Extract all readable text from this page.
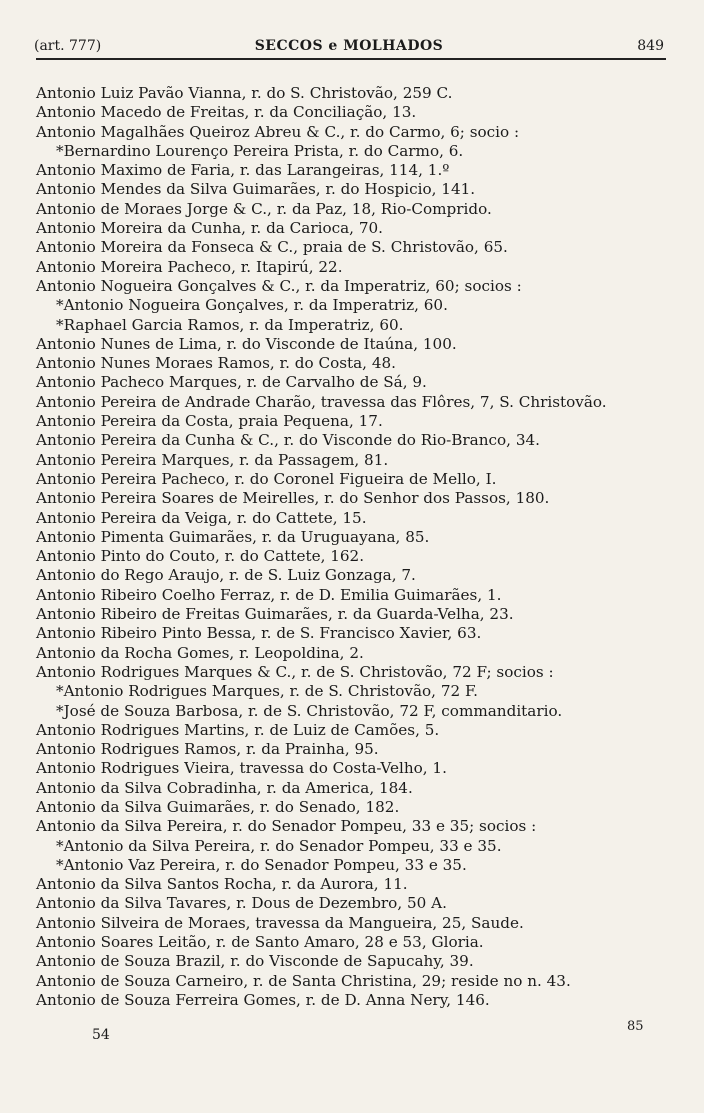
(art. 777)	SECCOS e MOLHADOS	849
Antonio Luiz Pavão Vianna, r. do S. Christovão, 259 C.
Antonio Macedo de Freitas, r. da Conciliação, 13.
Antonio Magalhães Queiroz Abreu & C., r. do Carmo, 6; socio :
*Bernardino Lourenço Pereira Prista, r. do Carmo, 6.
Antonio Maximo de Faria, r. das Larangeiras, 114, 1.º
Antonio Mendes da Silva Guimarães, r. do Hospicio, 141.
Antonio de Moraes Jorge & C., r. da Paz, 18, Rio-Comprido.
Antonio Moreira da Cunha, r. da Carioca, 70.
Antonio Moreira da Fonseca & C., praia de S. Christovão, 65.
Antonio Moreira Pacheco, r. Itapirú, 22.
Antonio Nogueira Gonçalves & C., r. da Imperatriz, 60; socios :
*Antonio Nogueira Gonçalves, r. da Imperatriz, 60.
*Raphael Garcia Ramos, r. da Imperatriz, 60.
Antonio Nunes de Lima, r. do Visconde de Itaúna, 100.
Antonio Nunes Moraes Ramos, r. do Costa, 48.
Antonio Pacheco Marques, r. de Carvalho de Sá, 9.
Antonio Pereira de Andrade Charão, travessa das Flôres, 7, S. Christovão.
Antonio Pereira da Costa, praia Pequena, 17.
Antonio Pereira da Cunha & C., r. do Visconde do Rio-Branco, 34.
Antonio Pereira Marques, r. da Passagem, 81.
Antonio Pereira Pacheco, r. do Coronel Figueira de Mello, I.
Antonio Pereira Soares de Meirelles, r. do Senhor dos Passos, 180.
Antonio Pereira da Veiga, r. do Cattete, 15.
Antonio Pimenta Guimarães, r. da Uruguayana, 85.
Antonio Pinto do Couto, r. do Cattete, 162.
Antonio do Rego Araujo, r. de S. Luiz Gonzaga, 7.
Antonio Ribeiro Coelho Ferraz, r. de D. Emilia Guimarães, 1.
Antonio Ribeiro de Freitas Guimarães, r. da Guarda-Velha, 23.
Antonio Ribeiro Pinto Bessa, r. de S. Francisco Xavier, 63.
Antonio da Rocha Gomes, r. Leopoldina, 2.
Antonio Rodrigues Marques & C., r. de S. Christovão, 72 F; socios :
*Antonio Rodrigues Marques, r. de S. Christovão, 72 F.
*José de Souza Barbosa, r. de S. Christovão, 72 F, commanditario.
Antonio Rodrigues Martins, r. de Luiz de Camões, 5.
Antonio Rodrigues Ramos, r. da Prainha, 95.
Antonio Rodrigues Vieira, travessa do Costa-Velho, 1.
Antonio da Silva Cobradinha, r. da America, 184.
Antonio da Silva Guimarães, r. do Senado, 182.
Antonio da Silva Pereira, r. do Senador Pompeu, 33 e 35; socios :
*Antonio da Silva Pereira, r. do Senador Pompeu, 33 e 35.
*Antonio Vaz Pereira, r. do Senador Pompeu, 33 e 35.
Antonio da Silva Santos Rocha, r. da Aurora, 11.
Antonio da Silva Tavares, r. Dous de Dezembro, 50 A.
Antonio Silveira de Moraes, travessa da Mangueira, 25, Saude.
Antonio Soares Leitão, r. de Santo Amaro, 28 e 53, Gloria.
Antonio de Souza Brazil, r. do Visconde de Sapucahy, 39.
Antonio de Souza Carneiro, r. de Santa Christina, 29; reside no n. 43.
Antonio de Souza Ferreira Gomes, r. de D. Anna Nery, 146.
54
85
